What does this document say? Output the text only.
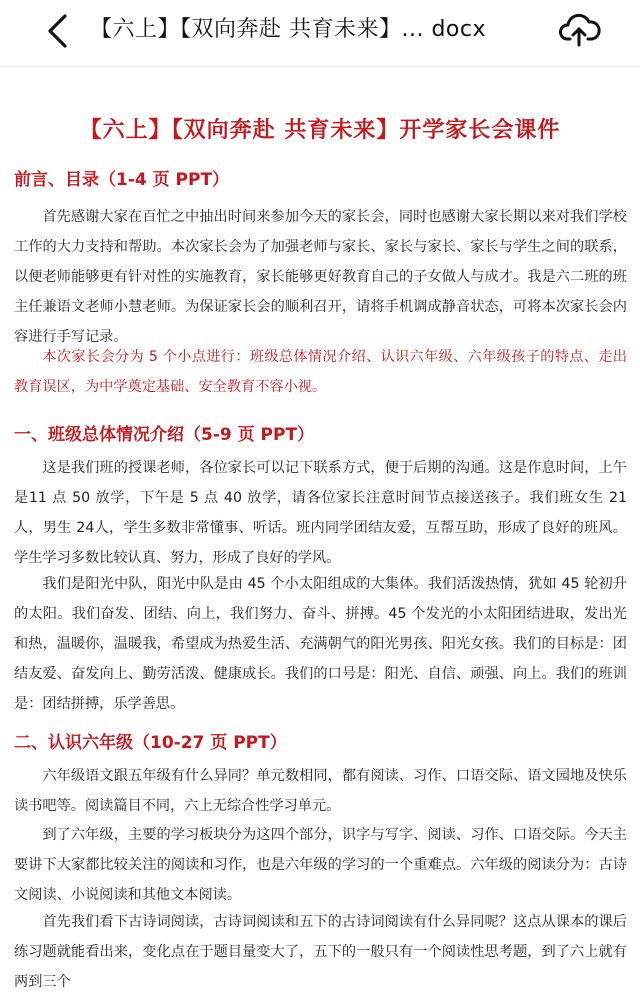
【六上】【双向奔赴 共育未来】... docx
【六上】【双向奔赴 共育未来】开学家长会课件
前言、目录（1-4 页 PPT）

首先感谢大家在百忙之中抽出时间来参加今天的家长会，同时也感谢大家长期以来对我们学校工作的大力支持和帮助。本次家长会为了加强老师与家长、家长与家长、家长与学生之间的联系，以便老师能够更有针对性的实施教育，家长能够更好教育自己的子女做人与成才。我是六二班的班主任兼语文老师小慧老师。为保证家长会的顺利召开，请将手机调成静音状态，可将本次家长会内容进行手写记录。

本次家长会分为 5 个小点进行：班级总体情况介绍、认识六年级、六年级孩子的特点、走出教育误区，为中学奠定基础、安全教育不容小视。

一、班级总体情况介绍（5-9 页 PPT）

这是我们班的授课老师，各位家长可以记下联系方式，便于后期的沟通。这是作息时间，上午是11 点 50 放学，下午是 5 点 40 放学，请各位家长注意时间节点接送孩子。我们班女生 21 人，男生 24人，学生多数非常懂事、听话。班内同学团结友爱，互帮互助，形成了良好的班风。学生学习多数比较认真、努力，形成了良好的学风。

我们是阳光中队，阳光中队是由 45 个小太阳组成的大集体。我们活泼热情，犹如 45 轮初升的太阳。我们奋发、团结、向上，我们努力、奋斗、拼搏。45 个发光的小太阳团结进取，发出光和热，温暖你，温暖我，希望成为热爱生活、充满朝气的阳光男孩、阳光女孩。我们的目标是：团结友爱、奋发向上、勤劳活泼、健康成长。我们的口号是：阳光、自信、顽强、向上。我们的班训是：团结拼搏，乐学善思。

二、认识六年级（10-27 页 PPT）

六年级语文跟五年级有什么异同？单元数相同，都有阅读、习作、口语交际、语文园地及快乐读书吧等。阅读篇目不同，六上无综合性学习单元。

到了六年级，主要的学习板块分为这四个部分，识字与写字、阅读、习作、口语交际。今天主要讲下大家都比较关注的阅读和习作，也是六年级的学习的一个重难点。六年级的阅读分为：古诗文阅读、小说阅读和其他文本阅读。

首先我们看下古诗词阅读，古诗词阅读和五下的古诗词阅读有什么异同呢？这点从课本的课后练习题就能看出来，变化点在于题目量变大了，五下的一般只有一个阅读性思考题，到了六上就有两到三个
